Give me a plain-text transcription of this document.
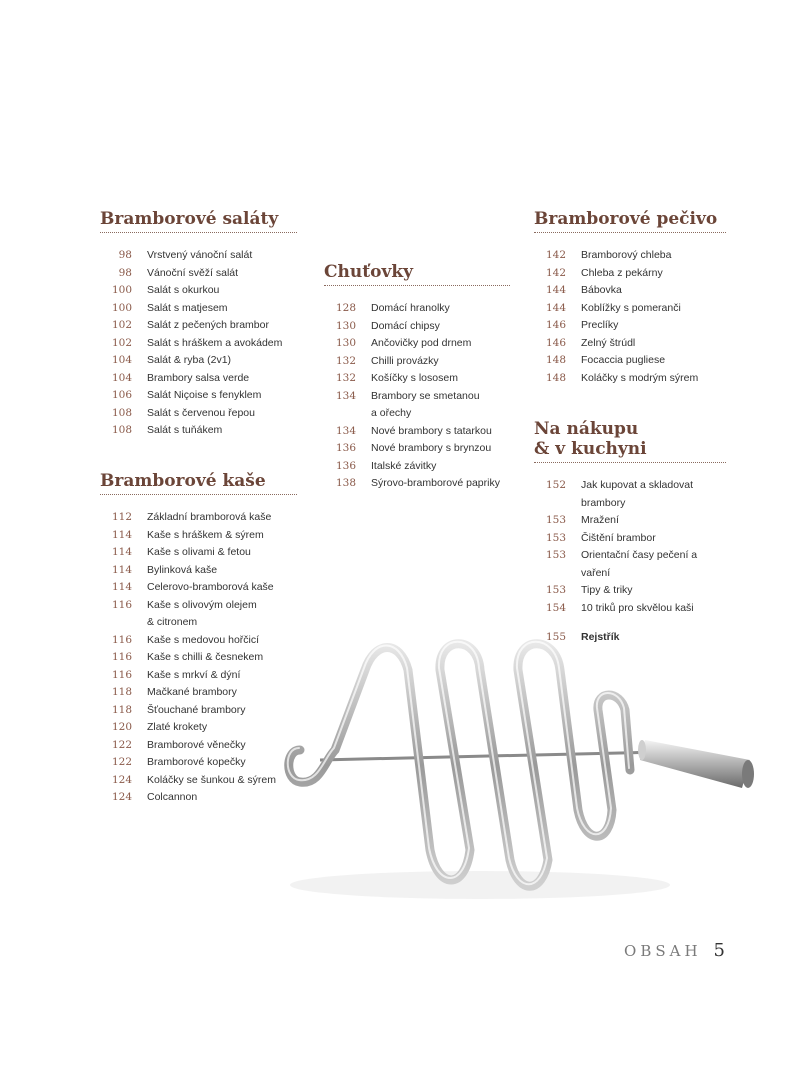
Bramborové saláty
98 Vrstvený vánoční salát
98 Vánoční svěží salát
100 Salát s okurkou
100 Salát s matjesem
102 Salát z pečených brambor
102 Salát s hráškem a avokádem
104 Salát & ryba (2v1)
104 Brambory salsa verde
106 Salát Niçoise s fenyklem
108 Salát s červenou řepou
108 Salát s tuňákem
Bramborové kaše
112 Základní bramborová kaše
114 Kaše s hráškem & sýrem
114 Kaše s olivami & fetou
114 Bylinková kaše
114 Celerovo-bramborová kaše
116 Kaše s olivovým olejem
& citronem
116 Kaše s medovou hořčicí
116 Kaše s chilli & česnekem
116 Kaše s mrkví & dýní
118 Mačkané brambory
118 Šťouchané brambory
120 Zlaté krokety
122 Bramborové věnečky
122 Bramborové kopečky
124 Koláčky se šunkou & sýrem
124 Colcannon
Chuťovky
128 Domácí hranolky
130 Domácí chipsy
130 Ančovičky pod drnem
132 Chilli provázky
132 Košíčky s lososem
134 Brambory se smetanou
a ořechy
134 Nové brambory s tatarkou
136 Nové brambory s brynzou
136 Italské závitky
138 Sýrovo-bramborové papriky
Bramborové pečivo
142 Bramborový chleba
142 Chleba z pekárny
144 Bábovka
144 Koblížky s pomeranči
146 Preclíky
146 Zelný štrúdl
148 Focaccia pugliese
148 Koláčky s modrým sýrem
Na nákupu
& v kuchyni
152 Jak kupovat a skladovat
brambory
153 Mražení
153 Čištění brambor
153 Orientační časy pečení a vaření
153 Tipy & triky
154 10 triků pro skvělou kaši
155 Rejstřík
OBSAH 5
